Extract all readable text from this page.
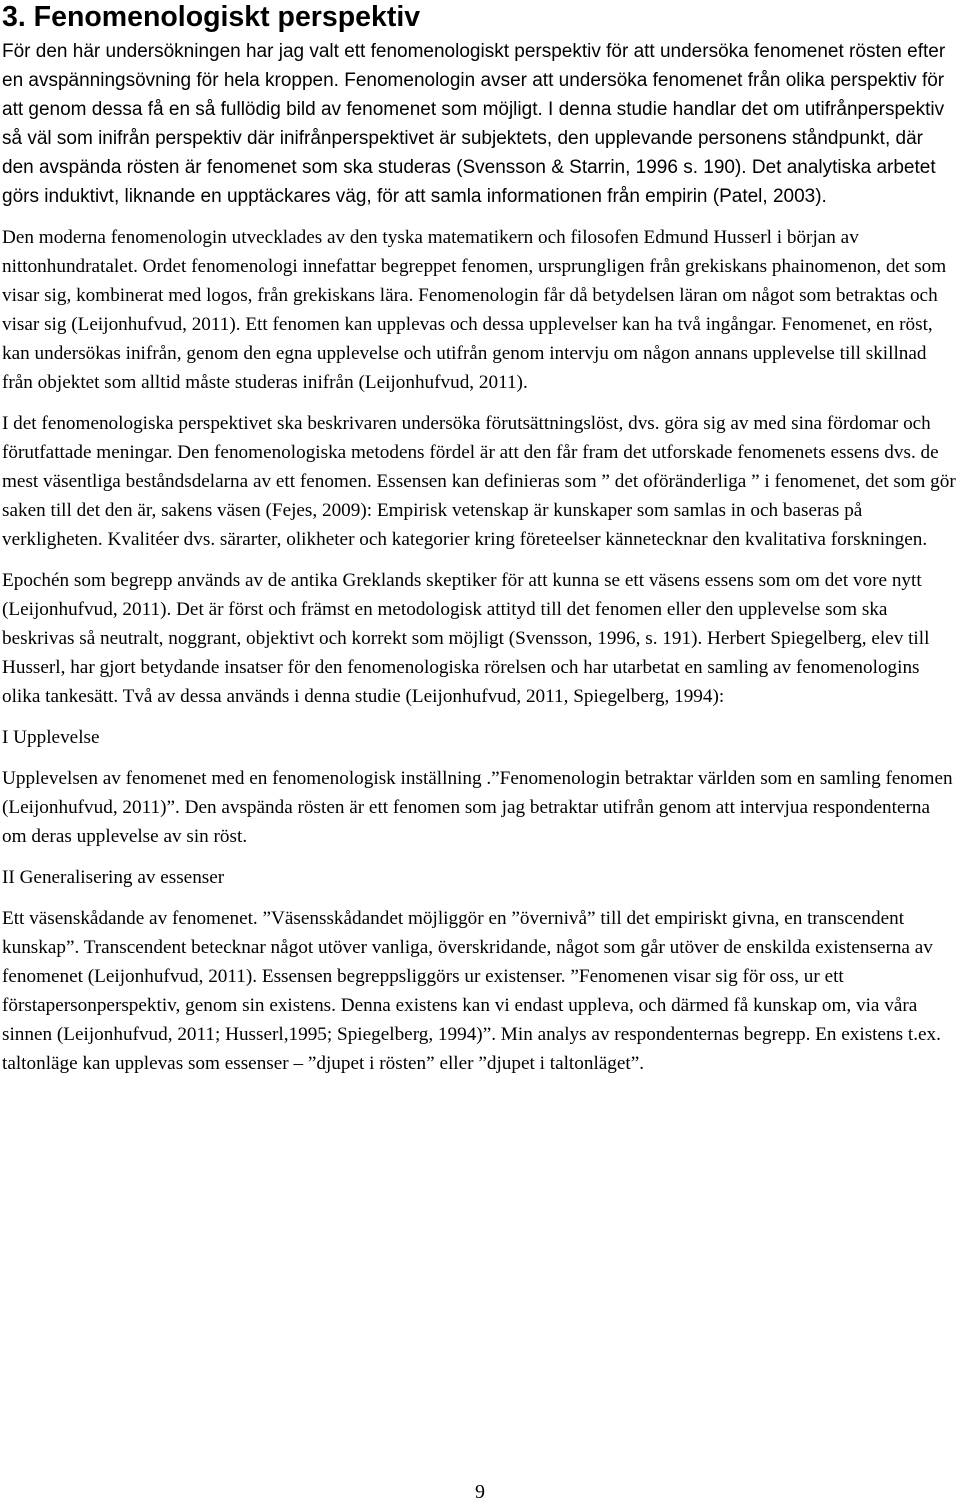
3. Fenomenologiskt perspektiv

För den här undersökningen har jag valt ett fenomenologiskt perspektiv för att undersöka fenomenet rösten efter en avspänningsövning för hela kroppen. Fenomenologin avser att undersöka fenomenet från olika perspektiv för att genom dessa få en så fullödig bild av fenomenet som möjligt. I denna studie handlar det om utifrånperspektiv så väl som inifrån perspektiv där inifrånperspektivet är subjektets, den upplevande personens ståndpunkt, där den avspända rösten är fenomenet som ska studeras (Svensson & Starrin, 1996 s. 190). Det analytiska arbetet görs induktivt, liknande en upptäckares väg, för att samla informationen från empirin (Patel, 2003).

Den moderna fenomenologin utvecklades av den tyska matematikern och filosofen Edmund Husserl i början av nittonhundratalet. Ordet fenomenologi innefattar begreppet fenomen, ursprungligen från grekiskans phainomenon, det som visar sig, kombinerat med logos, från grekiskans lära. Fenomenologin får då betydelsen läran om något som betraktas och visar sig (Leijonhufvud, 2011). Ett fenomen kan upplevas och dessa upplevelser kan ha två ingångar. Fenomenet, en röst, kan undersökas inifrån, genom den egna upplevelse och utifrån genom intervju om någon annans upplevelse till skillnad från objektet som alltid måste studeras inifrån (Leijonhufvud, 2011).

I det fenomenologiska perspektivet ska beskrivaren undersöka förutsättningslöst, dvs. göra sig av med sina fördomar och förutfattade meningar. Den fenomenologiska metodens fördel är att den får fram det utforskade fenomenets essens dvs. de mest väsentliga beståndsdelarna av ett fenomen. Essensen kan definieras som ” det oföränderliga ” i fenomenet, det som gör saken till det den är, sakens väsen (Fejes, 2009): Empirisk vetenskap är kunskaper som samlas in och baseras på verkligheten. Kvalitéer dvs. särarter, olikheter och kategorier kring företeelser kännetecknar den kvalitativa forskningen.

Epochén som begrepp används av de antika Greklands skeptiker för att kunna se ett väsens essens som om det vore nytt (Leijonhufvud, 2011). Det är först och främst en metodologisk attityd till det fenomen eller den upplevelse som ska beskrivas så neutralt, noggrant, objektivt och korrekt som möjligt (Svensson, 1996, s. 191). Herbert Spiegelberg, elev till Husserl, har gjort betydande insatser för den fenomenologiska rörelsen och har utarbetat en samling av fenomenologins olika tankesätt. Två av dessa används i denna studie (Leijonhufvud, 2011, Spiegelberg, 1994):

I Upplevelse

Upplevelsen av fenomenet med en fenomenologisk inställning .”Fenomenologin betraktar världen som en samling fenomen (Leijonhufvud, 2011)”. Den avspända rösten är ett fenomen som jag betraktar utifrån genom att intervjua respondenterna om deras upplevelse av sin röst.

II Generalisering av essenser

Ett väsenskådande av fenomenet. ”Väsensskådandet möjliggör en ”övernivå” till det empiriskt givna, en transcendent kunskap”. Transcendent betecknar något utöver vanliga, överskridande, något som går utöver de enskilda existenserna av fenomenet (Leijonhufvud, 2011). Essensen begreppsliggörs ur existenser. ”Fenomenen visar sig för oss, ur ett förstapersonperspektiv, genom sin existens. Denna existens kan vi endast uppleva, och därmed få kunskap om, via våra sinnen (Leijonhufvud, 2011; Husserl,1995; Spiegelberg, 1994)”. Min analys av respondenternas begrepp. En existens t.ex. taltonläge kan upplevas som essenser – ”djupet i rösten” eller ”djupet i taltonläget”.

9
